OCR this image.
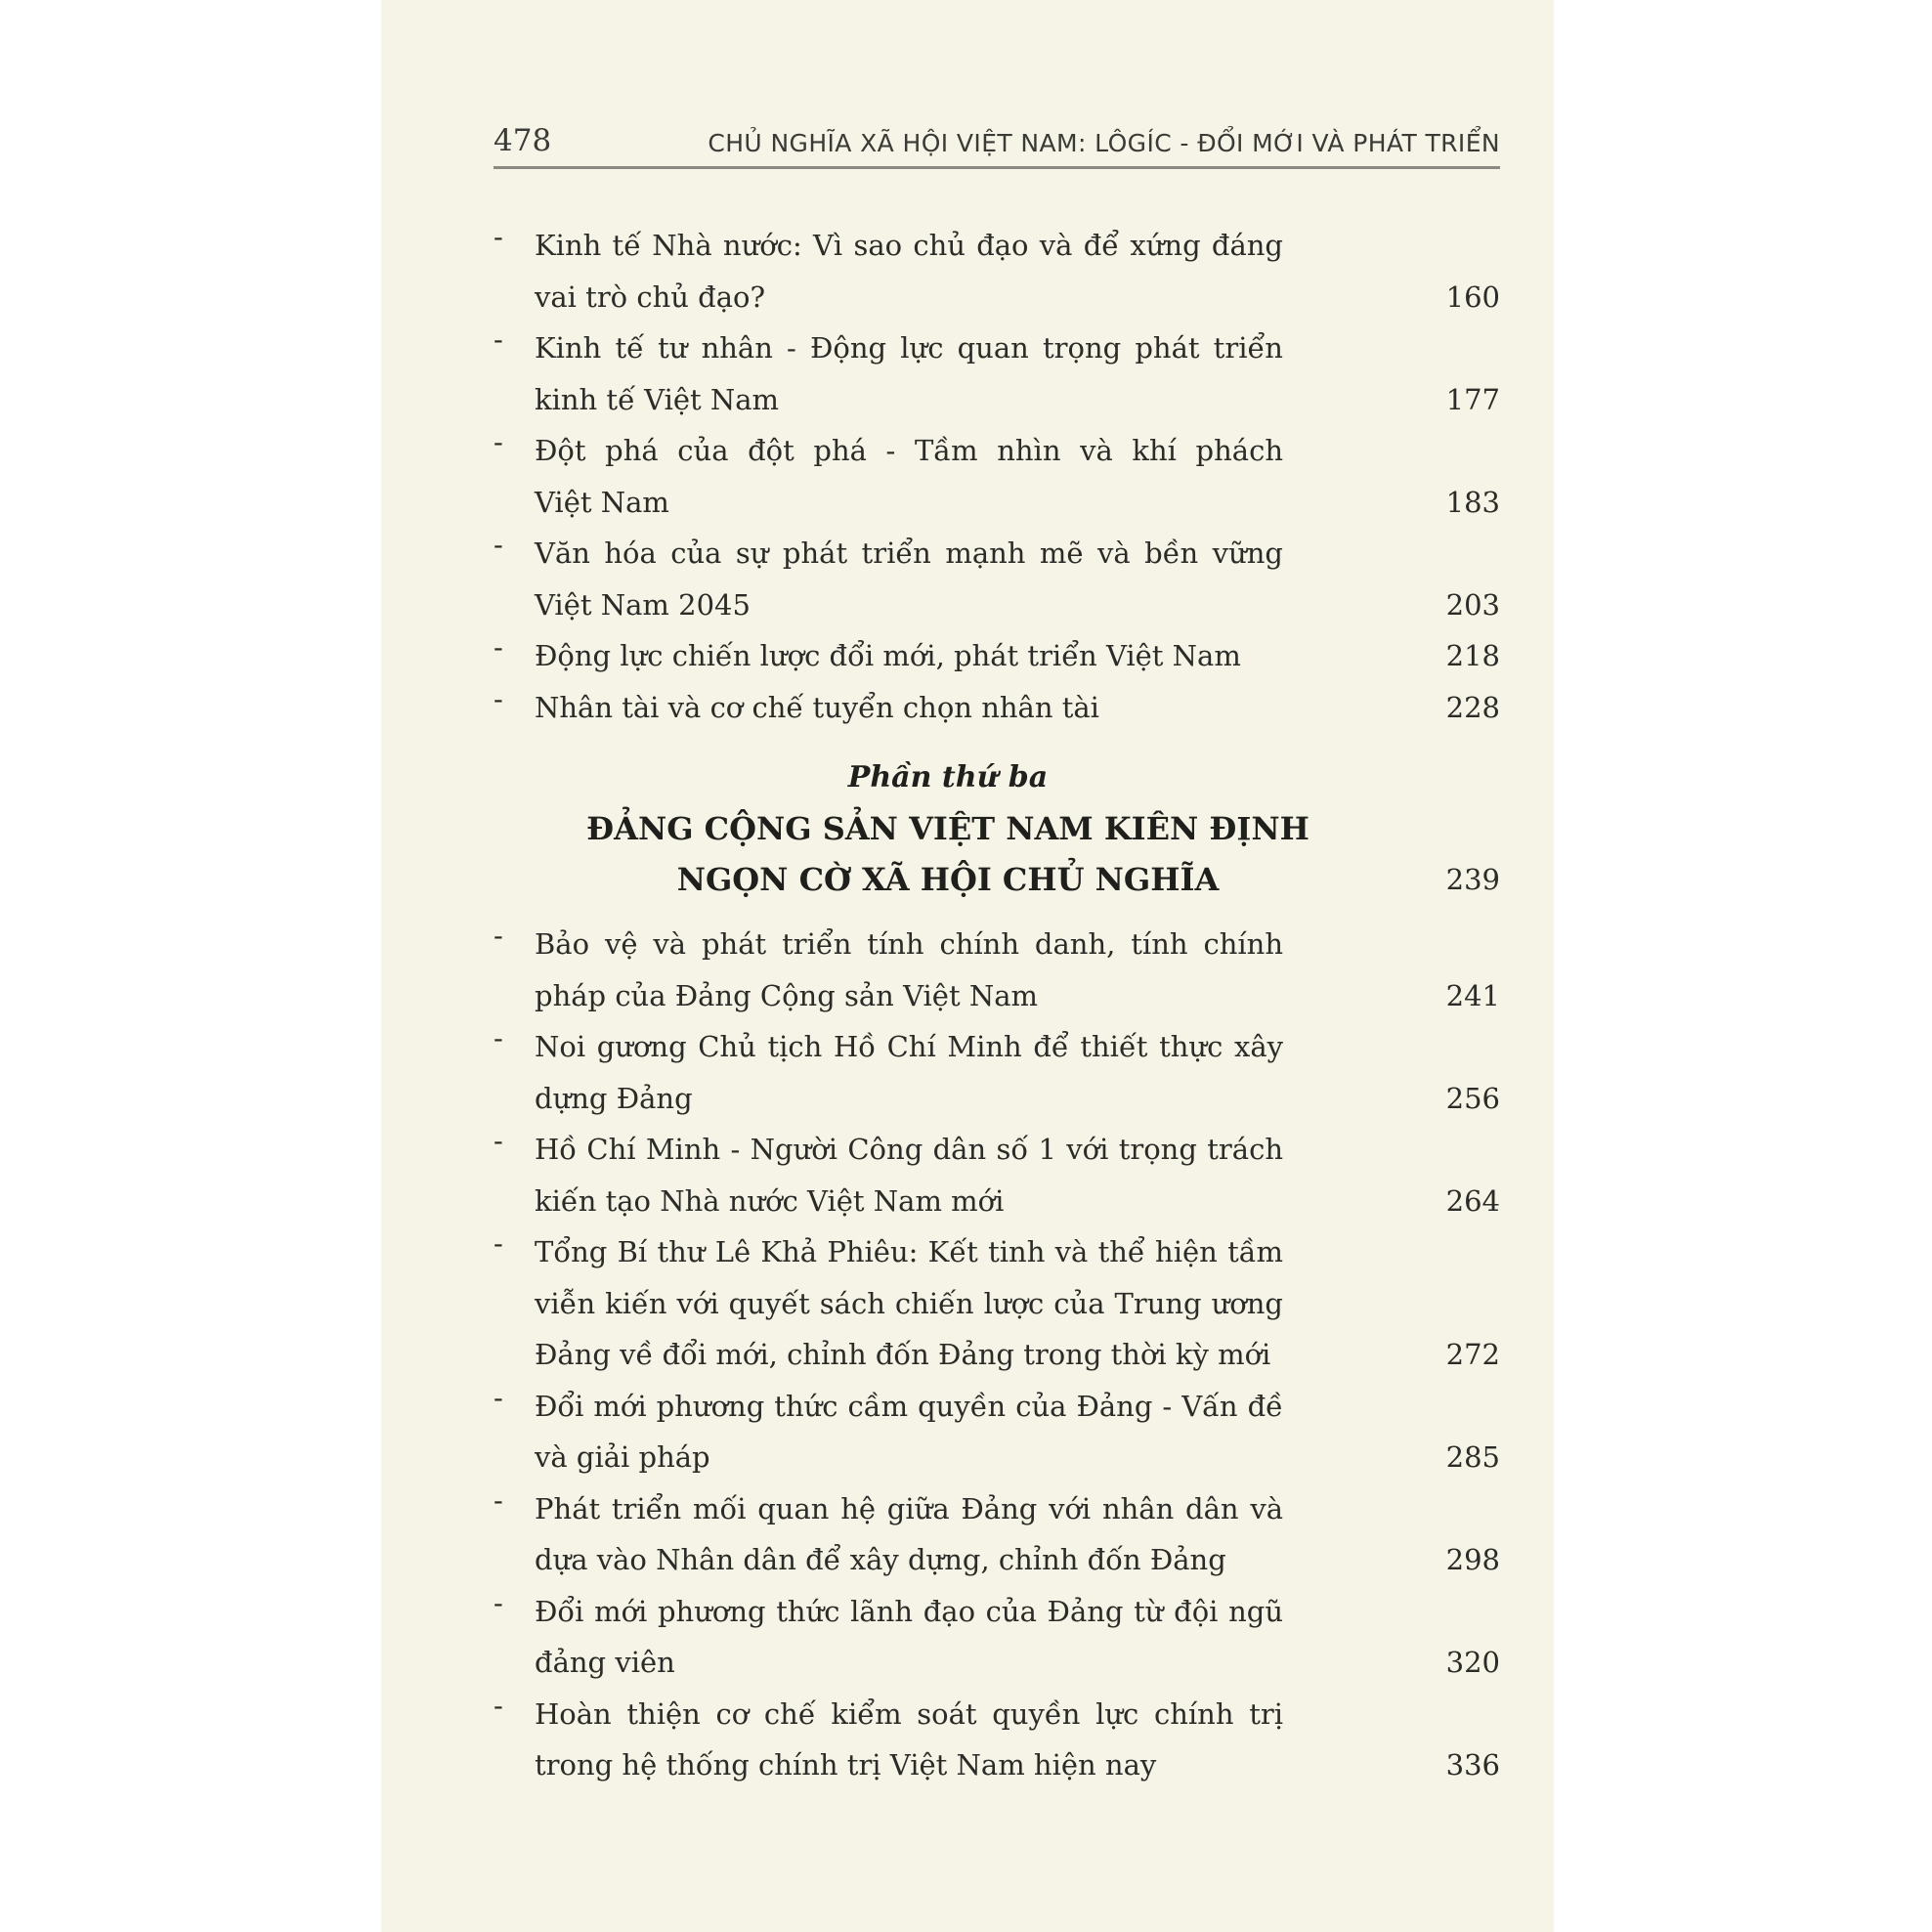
478	CHỦ NGHĨA XÃ HỘI VIỆT NAM: LÔGÍC - ĐỔI MỚI VÀ PHÁT TRIỂN
-	Kinh tế Nhà nước: Vì sao chủ đạo và để xứng đáng
vai trò chủ đạo?	160
-	Kinh tế tư nhân - Động lực quan trọng phát triển
kinh tế Việt Nam	177
-	Đột phá của đột phá - Tầm nhìn và khí phách
Việt Nam	183
-	Văn hóa của sự phát triển mạnh mẽ và bền vững
Việt Nam 2045	203
-	Động lực chiến lược đổi mới, phát triển Việt Nam	218
-	Nhân tài và cơ chế tuyển chọn nhân tài	228
Phần thứ ba
ĐẢNG CỘNG SẢN VIỆT NAM KIÊN ĐỊNH
NGỌN CỜ XÃ HỘI CHỦ NGHĨA	239
-	Bảo vệ và phát triển tính chính danh, tính chính
pháp của Đảng Cộng sản Việt Nam	241
-	Noi gương Chủ tịch Hồ Chí Minh để thiết thực xây
dựng Đảng	256
-	Hồ Chí Minh - Người Công dân số 1 với trọng trách
kiến tạo Nhà nước Việt Nam mới	264
-	Tổng Bí thư Lê Khả Phiêu: Kết tinh và thể hiện tầm
viễn kiến với quyết sách chiến lược của Trung ương
Đảng về đổi mới, chỉnh đốn Đảng trong thời kỳ mới	272
-	Đổi mới phương thức cầm quyền của Đảng - Vấn đề
và giải pháp	285
-	Phát triển mối quan hệ giữa Đảng với nhân dân và
dựa vào Nhân dân để xây dựng, chỉnh đốn Đảng	298
-	Đổi mới phương thức lãnh đạo của Đảng từ đội ngũ
đảng viên	320
-	Hoàn thiện cơ chế kiểm soát quyền lực chính trị
trong hệ thống chính trị Việt Nam hiện nay	336
